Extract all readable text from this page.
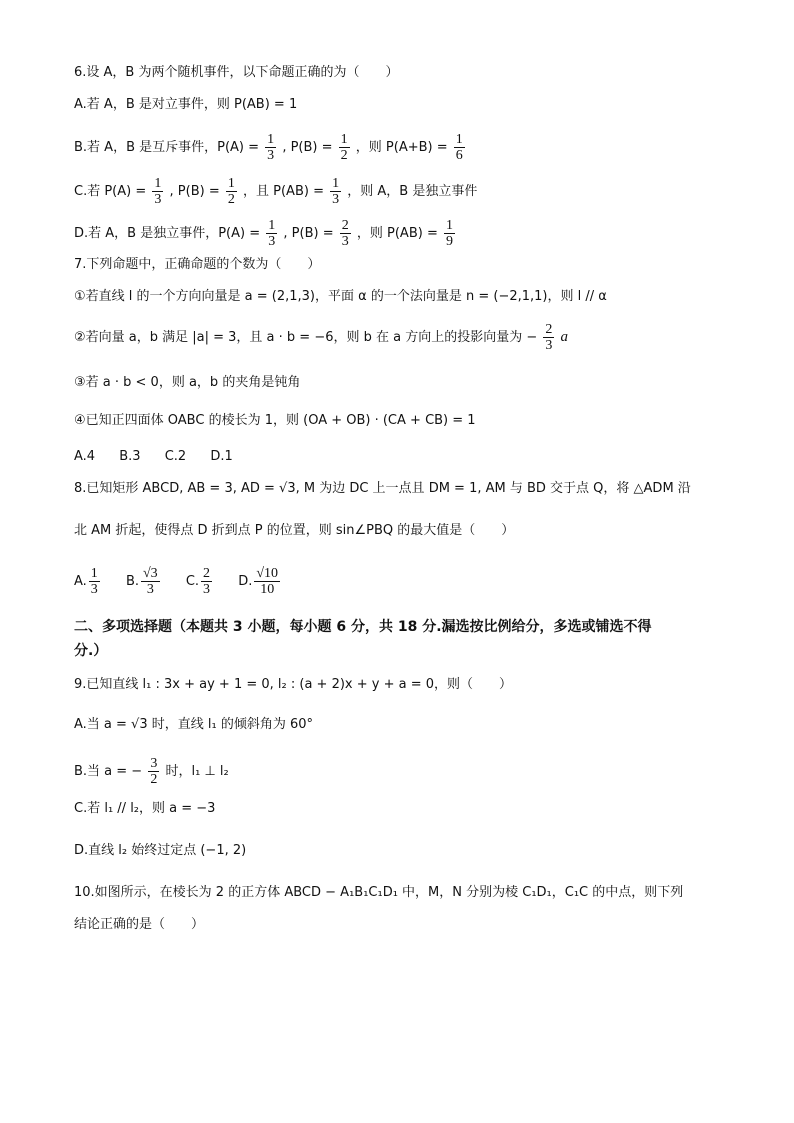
6.设 A，B 为两个随机事件，以下命题正确的为（　　）
A.若 A，B 是对立事件，则 P(AB) = 1
B.若 A，B 是互斥事件，$P(A) = \frac{1}{3}$ , $P(B) = \frac{1}{2}$ ，则 $P(A+B) = \frac{1}{6}$
C.若 $P(A) = \frac{1}{3}$ , $P(B) = \frac{1}{2}$ ，且 $P(AB) = \frac{1}{3}$ ，则 A，B 是独立事件
D.若 A，B 是独立事件，$P(A) = \frac{1}{3}$ , $P(B) = \frac{2}{3}$ ，则 $P(AB) = \frac{1}{9}$
7.下列命题中，正确命题的个数为（　　）
①若直线 l 的一个方向向量是 a = (2,1,3)，平面 α 的一个法向量是 n = (−2,1,1)，则 l // α
②若向量 a，b 满足 |a| = 3，且 a · b = −6，则 b 在 a 方向上的投影向量为 − $\frac{2}{3}$ a
③若 a · b < 0，则 a，b 的夹角是钝角
④已知正四面体 OABC 的棱长为 1，则 (OA + OB) · (CA + CB) = 1
A.4 B.3 C.2 D.1
8.已知矩形 ABCD, AB = 3, AD = √3, M 为边 DC 上一点且 DM = 1, AM 与 BD 交于点 Q，将 △ADM 沿
北 AM 折起，使得点 D 折到点 P 的位置，则 sin∠PBQ 的最大值是（　　）
A. $\frac{1}{3} B$. $\frac{√3}{3} C$. $\frac{2}{3} D$. $\frac{√10}{10}$
二、多项选择题（本题共 3 小题，每小题 6 分，共 18 分.漏选按比例给分，多选或铺选不得
分.）
9.已知直线 l₁ : 3x + ay + 1 = 0, l₂ : (a + 2)x + y + a = 0，则（　　）
A.当 a = √3 时，直线 l₁ 的倾斜角为 60°
B.当 a = − $\frac{3}{2}$ 时，l₁ ⊥ l₂
C.若 l₁ // l₂，则 a = −3
D.直线 l₂ 始终过定点 (−1, 2)
10.如图所示，在棱长为 2 的正方体 ABCD − A₁B₁C₁D₁ 中，M，N 分别为棱 C₁D₁，C₁C 的中点，则下列
结论正确的是（　　）
